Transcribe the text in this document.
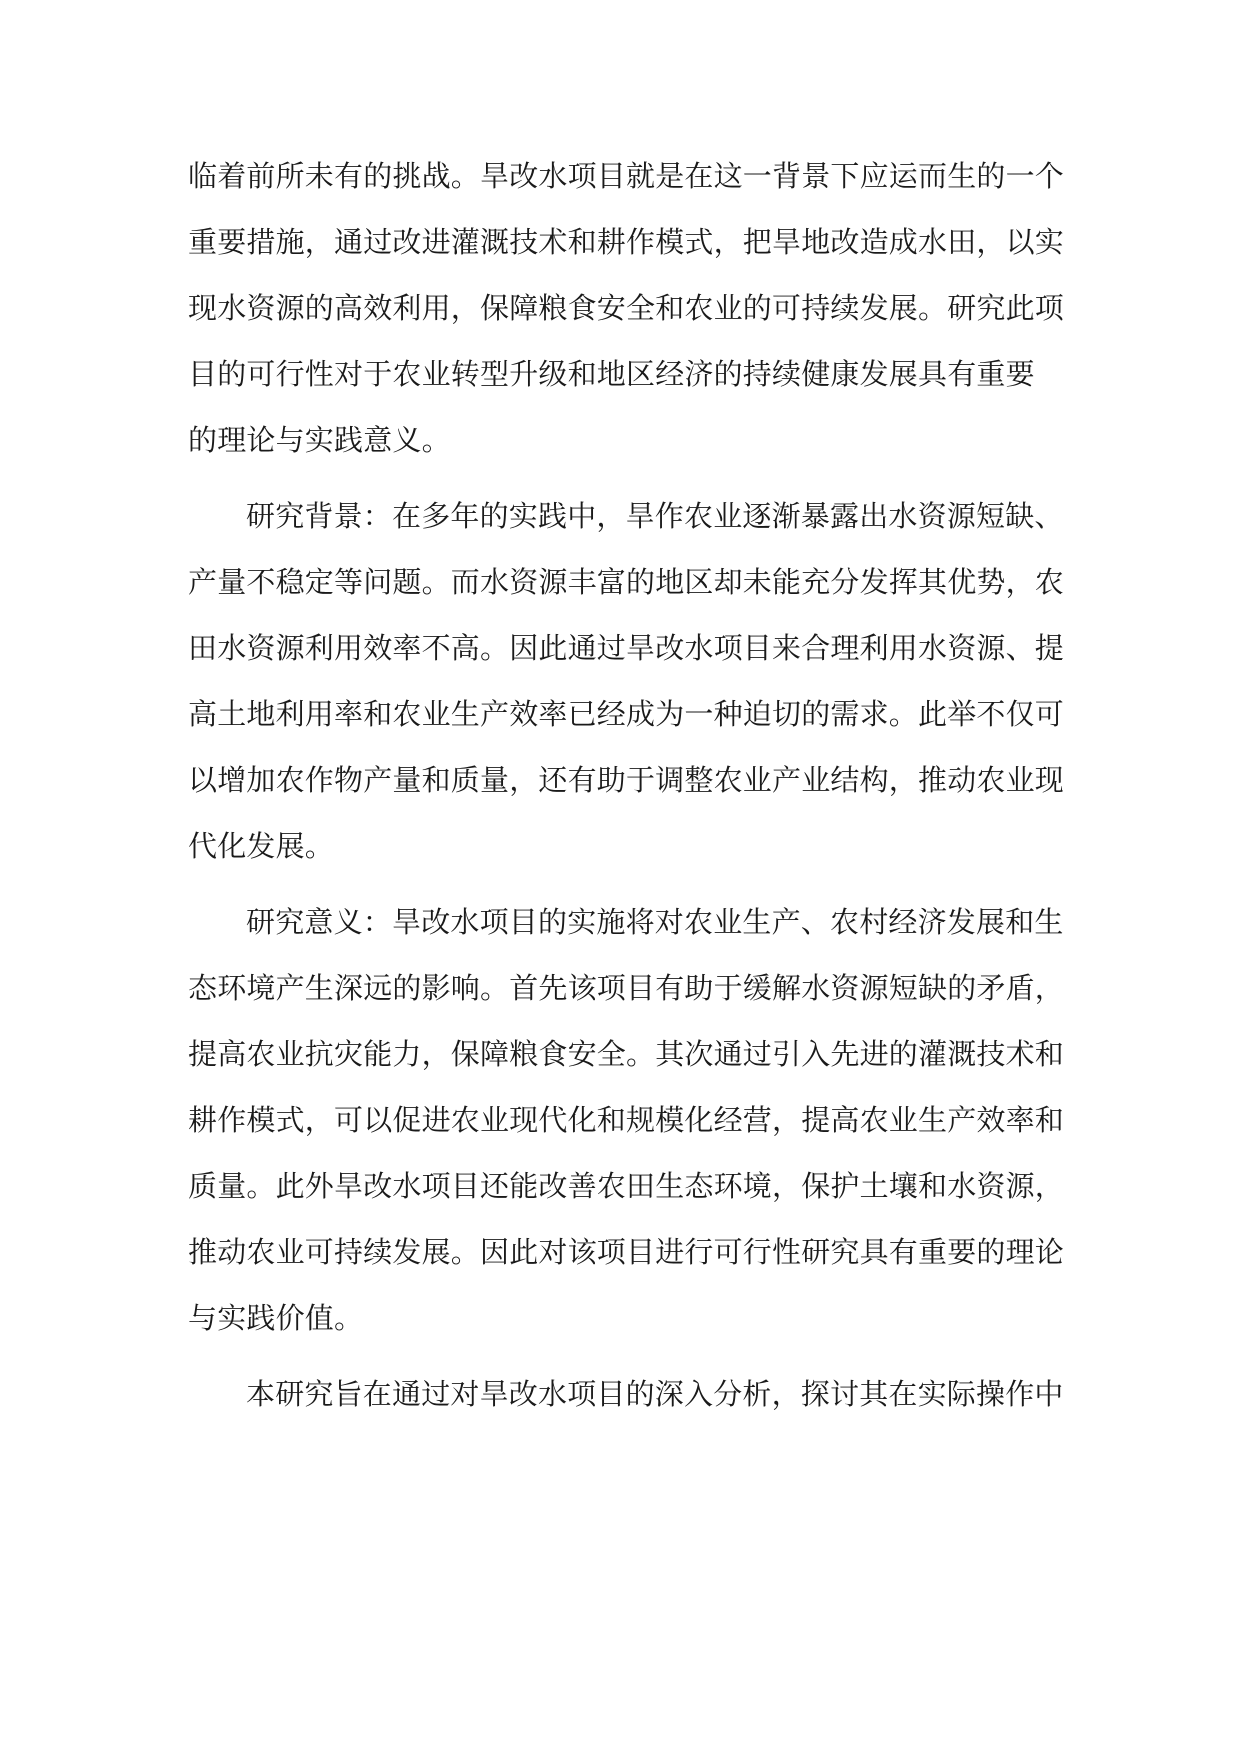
临着前所未有的挑战。旱改水项目就是在这一背景下应运而生的一个
重要措施，通过改进灌溉技术和耕作模式，把旱地改造成水田，以实
现水资源的高效利用，保障粮食安全和农业的可持续发展。研究此项
目的可行性对于农业转型升级和地区经济的持续健康发展具有重要
的理论与实践意义。
研究背景：在多年的实践中，旱作农业逐渐暴露出水资源短缺、
产量不稳定等问题。而水资源丰富的地区却未能充分发挥其优势，农
田水资源利用效率不高。因此通过旱改水项目来合理利用水资源、提
高土地利用率和农业生产效率已经成为一种迫切的需求。此举不仅可
以增加农作物产量和质量，还有助于调整农业产业结构，推动农业现
代化发展。
研究意义：旱改水项目的实施将对农业生产、农村经济发展和生
态环境产生深远的影响。首先该项目有助于缓解水资源短缺的矛盾，
提高农业抗灾能力，保障粮食安全。其次通过引入先进的灌溉技术和
耕作模式，可以促进农业现代化和规模化经营，提高农业生产效率和
质量。此外旱改水项目还能改善农田生态环境，保护土壤和水资源，
推动农业可持续发展。因此对该项目进行可行性研究具有重要的理论
与实践价值。
本研究旨在通过对旱改水项目的深入分析，探讨其在实际操作中
